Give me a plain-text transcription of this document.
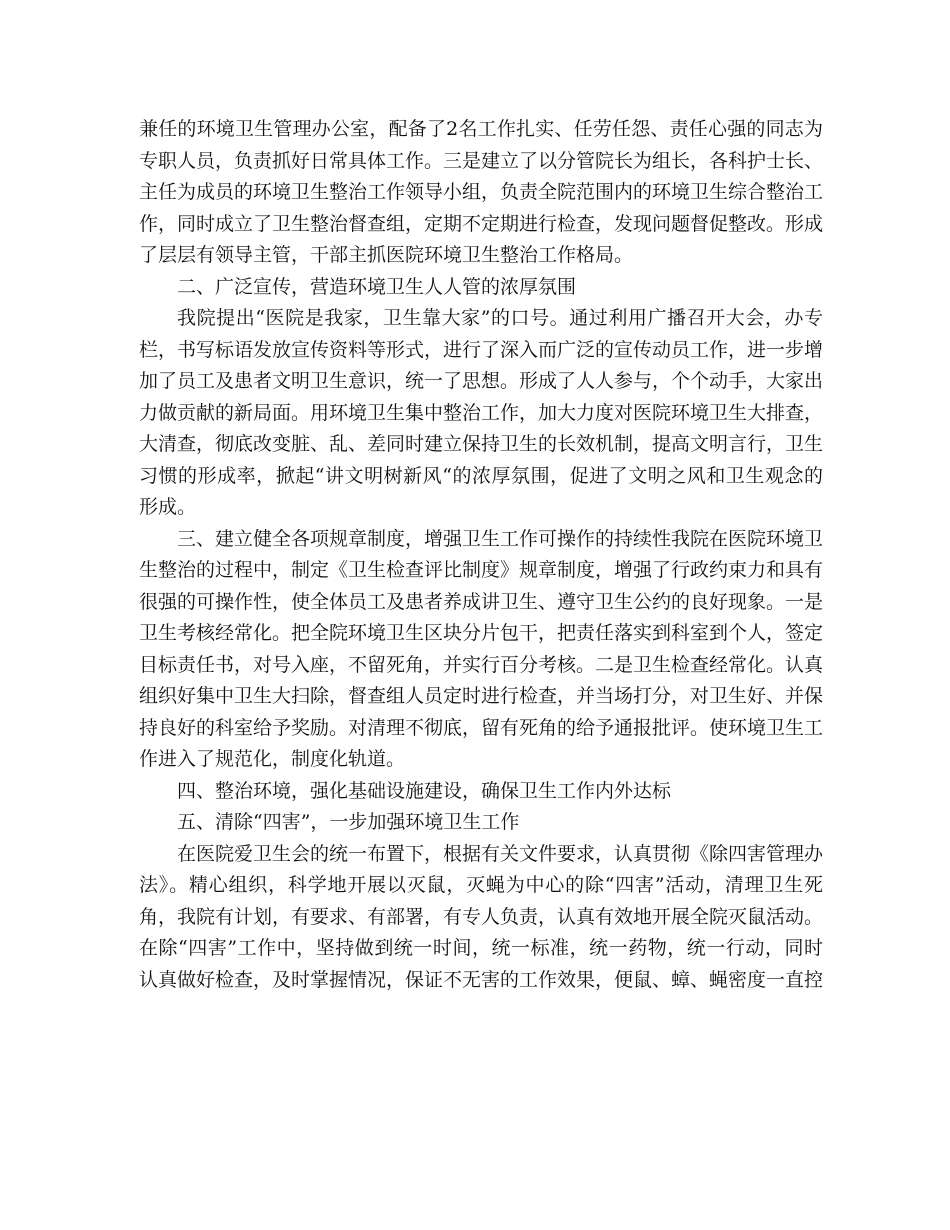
兼任的环境卫生管理办公室，配备了2名工作扎实、任劳任怨、责任心强的同志为专职人员，负责抓好日常具体工作。三是建立了以分管院长为组长，各科护士长、主任为成员的环境卫生整治工作领导小组，负责全院范围内的环境卫生综合整治工作，同时成立了卫生整治督查组，定期不定期进行检查，发现问题督促整改。形成了层层有领导主管，干部主抓医院环境卫生整治工作格局。

二、广泛宣传，营造环境卫生人人管的浓厚氛围

我院提出“医院是我家，卫生靠大家”的口号。通过利用广播召开大会，办专栏，书写标语发放宣传资料等形式，进行了深入而广泛的宣传动员工作，进一步增加了员工及患者文明卫生意识，统一了思想。形成了人人参与，个个动手，大家出力做贡献的新局面。用环境卫生集中整治工作，加大力度对医院环境卫生大排查，大清查，彻底改变脏、乱、差同时建立保持卫生的长效机制，提高文明言行，卫生习惯的形成率，掀起“讲文明树新风“的浓厚氛围，促进了文明之风和卫生观念的形成。

三、建立健全各项规章制度，增强卫生工作可操作的持续性我院在医院环境卫生整治的过程中，制定《卫生检查评比制度》规章制度，增强了行政约束力和具有很强的可操作性，使全体员工及患者养成讲卫生、遵守卫生公约的良好现象。一是卫生考核经常化。把全院环境卫生区块分片包干，把责任落实到科室到个人，签定目标责任书，对号入座，不留死角，并实行百分考核。二是卫生检查经常化。认真组织好集中卫生大扫除，督查组人员定时进行检查，并当场打分，对卫生好、并保持良好的科室给予奖励。对清理不彻底，留有死角的给予通报批评。使环境卫生工作进入了规范化，制度化轨道。

四、整治环境，强化基础设施建设，确保卫生工作内外达标

五、清除“四害”，一步加强环境卫生工作

在医院爱卫生会的统一布置下，根据有关文件要求，认真贯彻《除四害管理办法》。精心组织，科学地开展以灭鼠，灭蝇为中心的除“四害”活动，清理卫生死角，我院有计划，有要求、有部署，有专人负责，认真有效地开展全院灭鼠活动。在除“四害”工作中，坚持做到统一时间，统一标准，统一药物，统一行动，同时认真做好检查，及时掌握情况，保证不无害的工作效果，便鼠、蟑、蝇密度一直控
